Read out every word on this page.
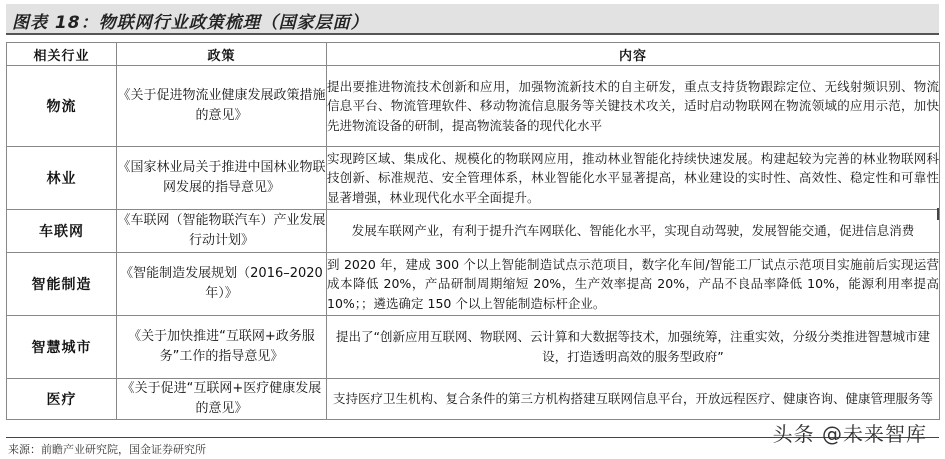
图表 18：物联网行业政策梳理（国家层面）
相关行业	政策	内容
物流	《关于促进物流业健康发展政策措施的意见》	提出要推进物流技术创新和应用，加强物流新技术的自主研发，重点支持货物跟踪定位、无线射频识别、物流信息平台、物流管理软件、移动物流信息服务等关键技术攻关，适时启动物联网在物流领域的应用示范，加快先进物流设备的研制，提高物流装备的现代化水平
林业	《国家林业局关于推进中国林业物联网发展的指导意见》	实现跨区域、集成化、规模化的物联网应用，推动林业智能化持续快速发展。构建起较为完善的林业物联网科技创新、标准规范、安全管理体系，林业智能化水平显著提高，林业建设的实时性、高效性、稳定性和可靠性显著增强，林业现代化水平全面提升。
车联网	《车联网（智能物联汽车）产业发展行动计划》	发展车联网产业，有利于提升汽车网联化、智能化水平，实现自动驾驶，发展智能交通，促进信息消费
智能制造	《智能制造发展规划（2016–2020 年）》	到 2020 年，建成 300 个以上智能制造试点示范项目，数字化车间/智能工厂试点示范项目实施前后实现运营成本降低 20%，产品研制周期缩短 20%，生产效率提高 20%，产品不良品率降低 10%，能源利用率提高 10%；；遴选确定 150 个以上智能制造标杆企业。
智慧城市	《关于加快推进“互联网+政务服务”工作的指导意见》	提出了“创新应用互联网、物联网、云计算和大数据等技术，加强统筹，注重实效，分级分类推进智慧城市建设，打造透明高效的服务型政府”
医疗	《关于促进“互联网+医疗健康发展的意见》	支持医疗卫生机构、复合条件的第三方机构搭建互联网信息平台，开放远程医疗、健康咨询、健康管理服务等
来源：前瞻产业研究院，国金证券研究所
头条 @未来智库
